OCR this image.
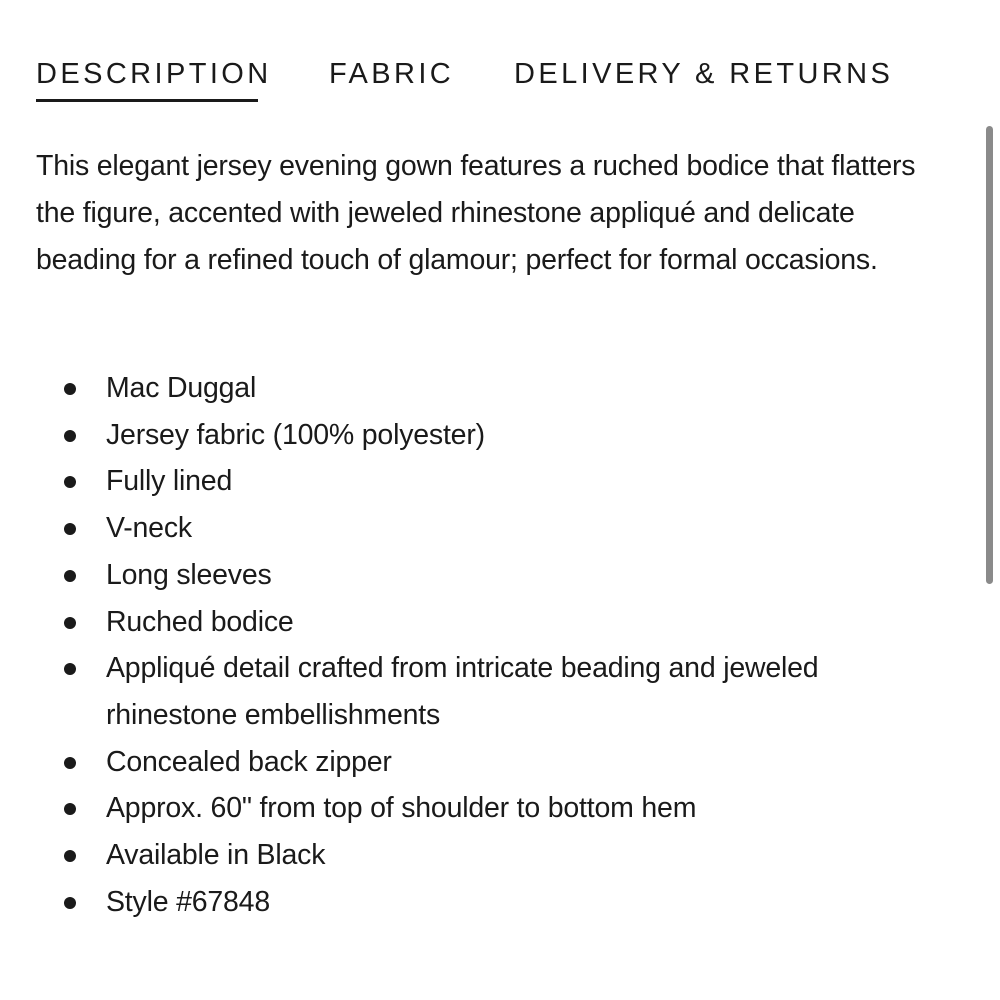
DESCRIPTION FABRIC DELIVERY & RETURNS

This elegant jersey evening gown features a ruched bodice that flatters the figure, accented with jeweled rhinestone appliqué and delicate beading for a refined touch of glamour; perfect for formal occasions.

Mac Duggal
Jersey fabric (100% polyester)
Fully lined
V-neck
Long sleeves
Ruched bodice
Appliqué detail crafted from intricate beading and jeweled rhinestone embellishments
Concealed back zipper
Approx. 60" from top of shoulder to bottom hem
Available in Black
Style #67848
